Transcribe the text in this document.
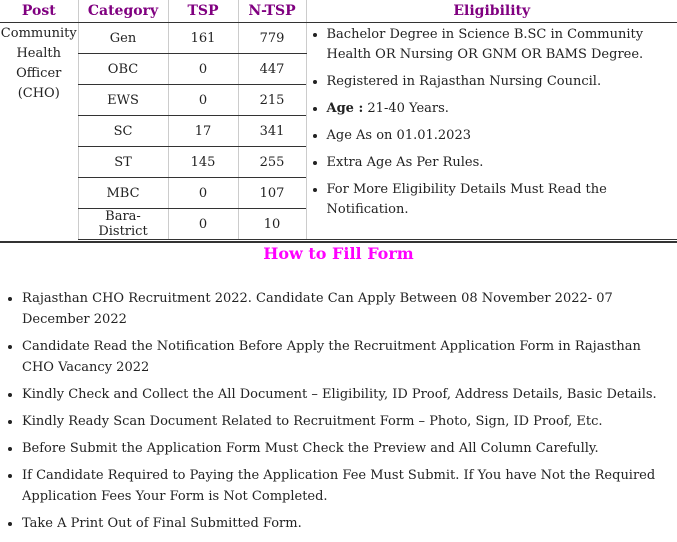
Post	Category	TSP	N-TSP	Eligibility
Community Health Officer (CHO)	Gen	161	779	
•Bachelor Degree in Science B.SC in Community Health OR Nursing OR GNM OR BAMS Degree.
• Registered in Rajasthan Nursing Council.
• Age : 21-40 Years.
• Age As on 01.01.2023
• Extra Age As Per Rules.
• For More Eligibility Details Must Read the Notification.

	OBC	0	447	
	EWS	0	215	
	SC	17	341	
	ST	145	255	
	MBC	0	107	
	Bara- District	0	10	
How to Fill Form
• Rajasthan CHO Recruitment 2022. Candidate Can Apply Between 08 November 2022- 07 December 2022
• Candidate Read the Notification Before Apply the Recruitment Application Form in Rajasthan CHO Vacancy 2022
• Kindly Check and Collect the All Document – Eligibility, ID Proof, Address Details, Basic Details.
• Kindly Ready Scan Document Related to Recruitment Form – Photo, Sign, ID Proof, Etc.
• Before Submit the Application Form Must Check the Preview and All Column Carefully.
• If Candidate Required to Paying the Application Fee Must Submit. If You have Not the Required Application Fees Your Form is Not Completed.
• Take A Print Out of Final Submitted Form.
